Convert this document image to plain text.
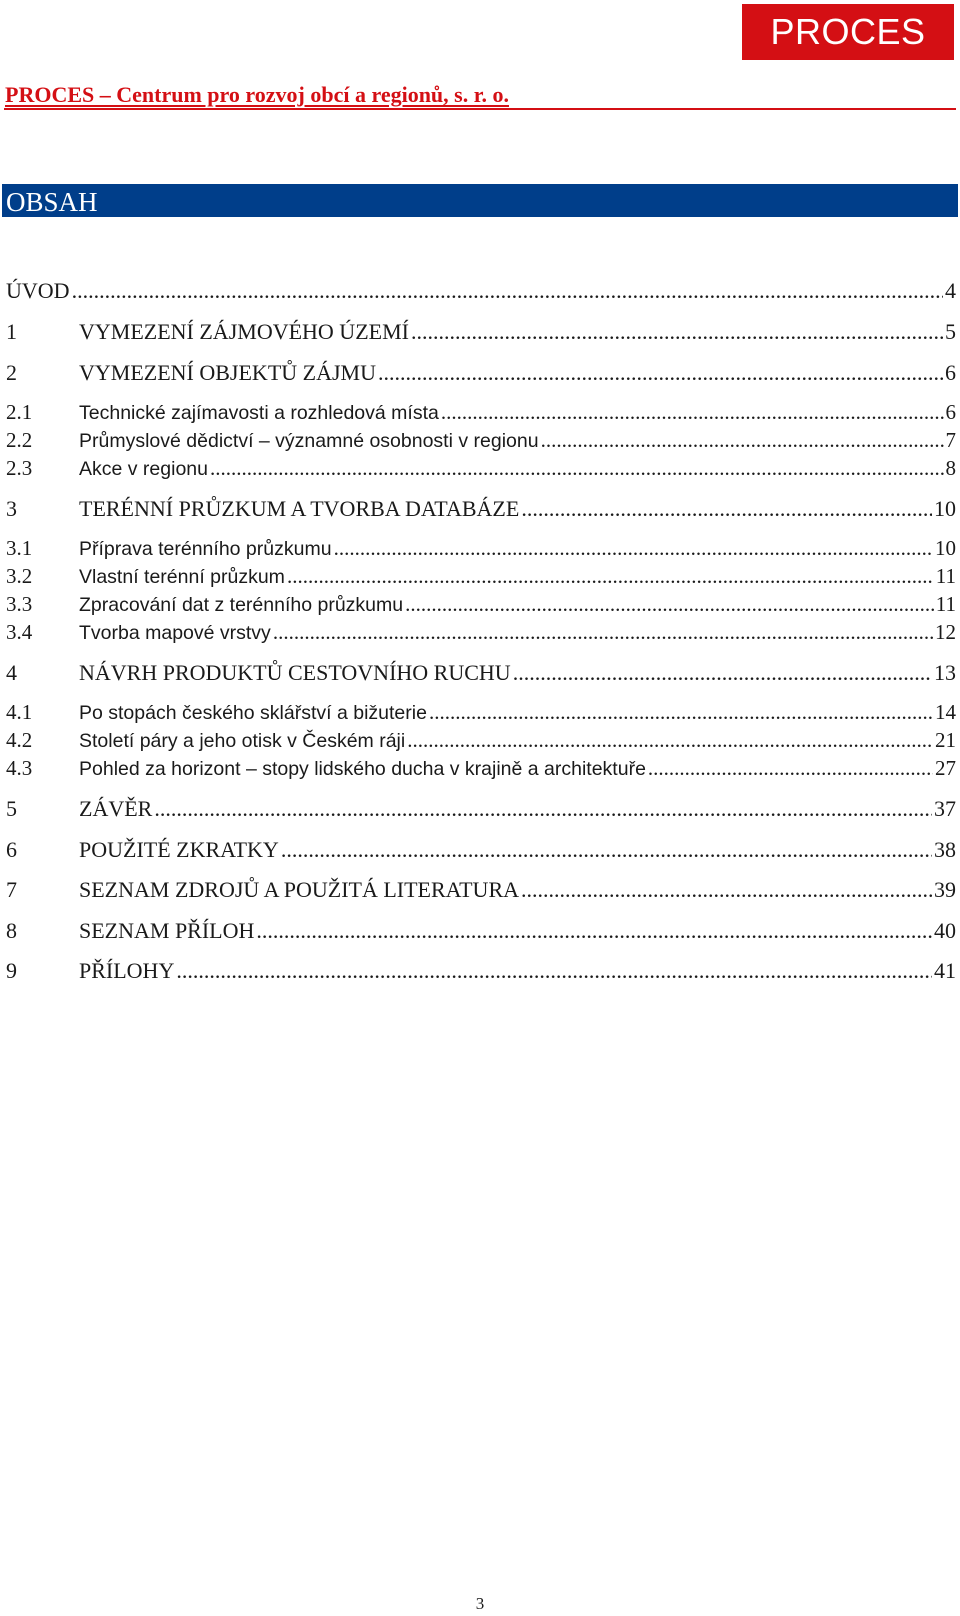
PROCES
PROCES – Centrum pro rozvoj obcí a regionů, s. r. o.
OBSAH
ÚVOD .....	4
1	VYMEZENÍ ZÁJMOVÉHO ÚZEMÍ .....	5
2	VYMEZENÍ OBJEKTŮ ZÁJMU .....	6
2.1	Technické zajímavosti a rozhledová místa .....	6
2.2	Průmyslové dědictví – významné osobnosti v regionu .....	7
2.3	Akce v regionu .....	8
3	TERÉNNÍ PRŮZKUM A TVORBA DATABÁZE .....	10
3.1	Příprava terénního průzkumu .....	10
3.2	Vlastní terénní průzkum .....	11
3.3	Zpracování dat z terénního průzkumu .....	11
3.4	Tvorba mapové vrstvy .....	12
4	NÁVRH PRODUKTŮ CESTOVNÍHO RUCHU .....	13
4.1	Po stopách českého sklářství a bižuterie .....	14
4.2	Století páry a jeho otisk v Českém ráji .....	21
4.3	Pohled za horizont – stopy lidského ducha v krajině a architektuře .....	27
5	ZÁVĚR .....	37
6	POUŽITÉ ZKRATKY .....	38
7	SEZNAM ZDROJŮ A POUŽITÁ LITERATURA .....	39
8	SEZNAM PŘÍLOH .....	40
9	PŘÍLOHY .....	41
3
